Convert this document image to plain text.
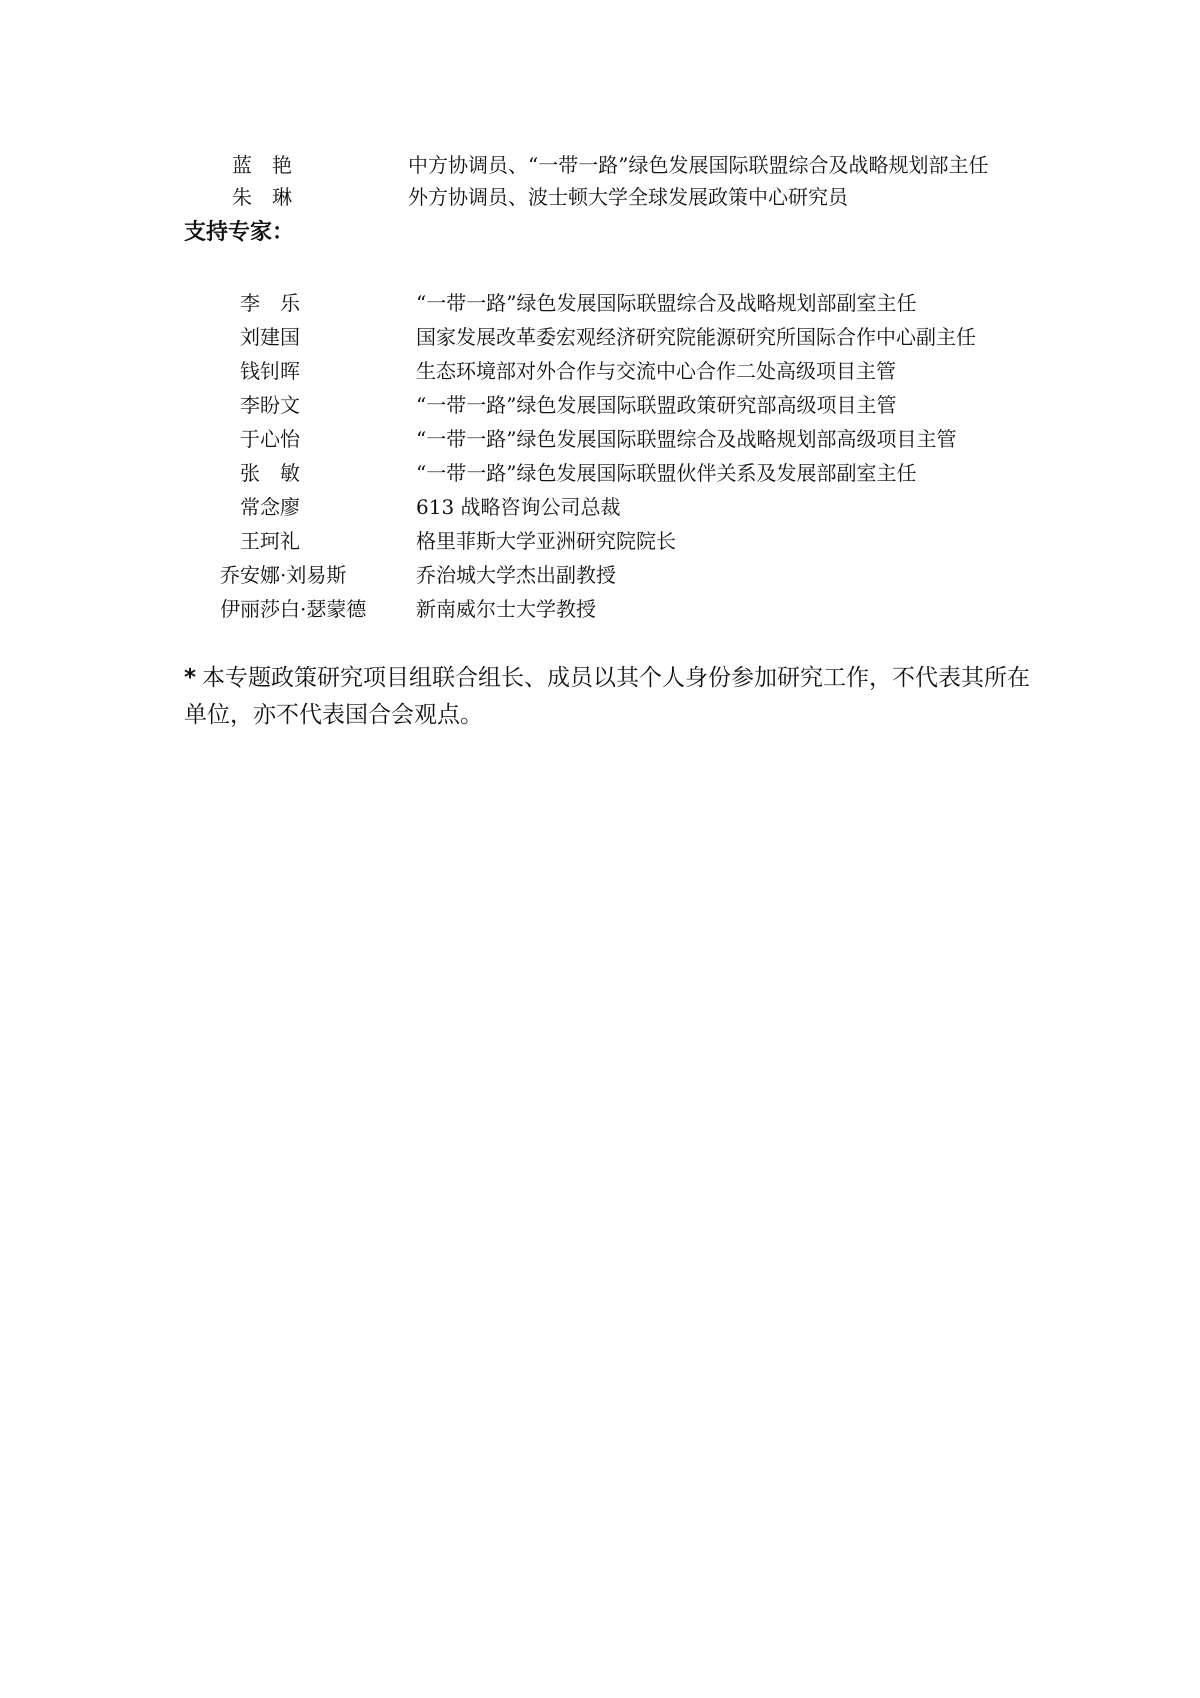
蓝　艳	中方协调员、“一带一路”绿色发展国际联盟综合及战略规划部主任
朱　琳	外方协调员、波士顿大学全球发展政策中心研究员
支持专家：
李　乐	“一带一路”绿色发展国际联盟综合及战略规划部副室主任
刘建国	国家发展改革委宏观经济研究院能源研究所国际合作中心副主任
钱钊晖	生态环境部对外合作与交流中心合作二处高级项目主管
李盼文	“一带一路”绿色发展国际联盟政策研究部高级项目主管
于心怡	“一带一路”绿色发展国际联盟综合及战略规划部高级项目主管
张　敏	“一带一路”绿色发展国际联盟伙伴关系及发展部副室主任
常念廖	613 战略咨询公司总裁
王珂礼	格里菲斯大学亚洲研究院院长
乔安娜·刘易斯	乔治城大学杰出副教授
伊丽莎白·瑟蒙德 新南威尔士大学教授
* 本专题政策研究项目组联合组长、成员以其个人身份参加研究工作，不代表其所在单位，亦不代表国合会观点。
